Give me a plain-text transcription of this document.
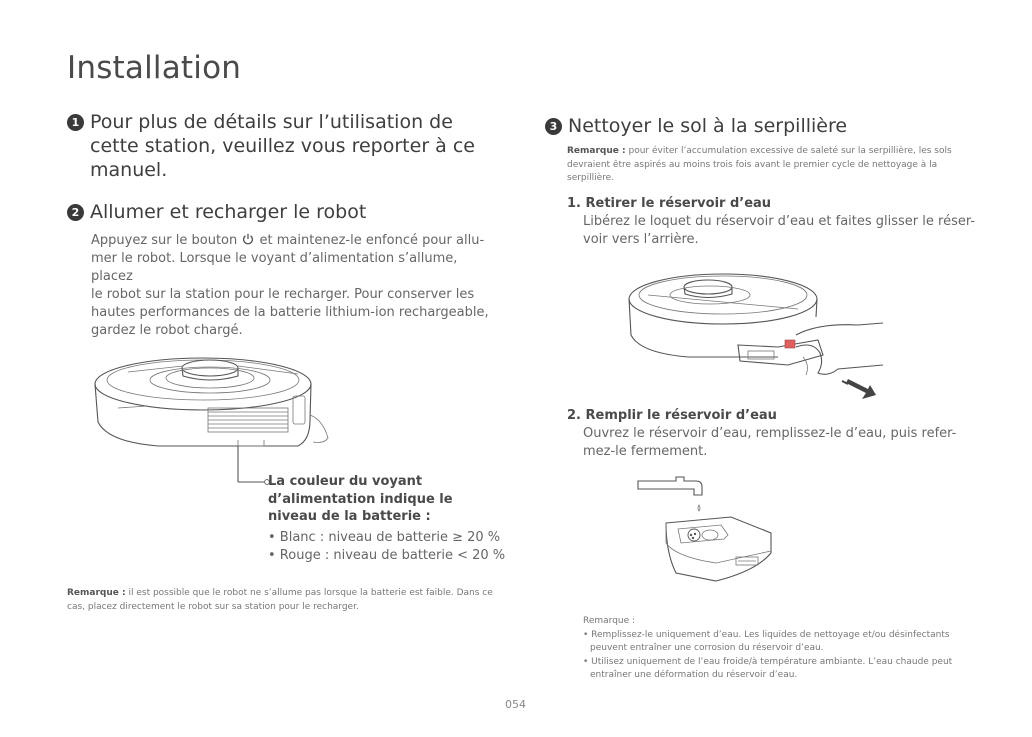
Installation
1 Pour plus de détails sur l’utilisation de
cette station, veuillez vous reporter à ce
manuel.
2 Allumer et recharger le robot
Appuyez sur le bouton  et maintenez-le enfoncé pour allu-
mer le robot. Lorsque le voyant d’alimentation s’allume, placez
le robot sur la station pour le recharger. Pour conserver les
hautes performances de la batterie lithium-ion rechargeable,
gardez le robot chargé.
La couleur du voyant
d’alimentation indique le
niveau de la batterie :
• Blanc : niveau de batterie ≥ 20 %
• Rouge : niveau de batterie < 20 %
Remarque : il est possible que le robot ne s’allume pas lorsque la batterie est faible. Dans ce
cas, placez directement le robot sur sa station pour le recharger.
3 Nettoyer le sol à la serpillière
Remarque : pour éviter l’accumulation excessive de saleté sur la serpillière, les sols
devraient être aspirés au moins trois fois avant le premier cycle de nettoyage à la
serpillière.
1. Retirer le réservoir d’eau
Libérez le loquet du réservoir d’eau et faites glisser le réser-
voir vers l’arrière.
2. Remplir le réservoir d’eau
Ouvrez le réservoir d’eau, remplissez-le d’eau, puis refer-
mez-le fermement.
Remarque :
• Remplissez-le uniquement d’eau. Les liquides de nettoyage et/ou désinfectants
peuvent entraîner une corrosion du réservoir d’eau.
• Utilisez uniquement de l’eau froide/à température ambiante. L’eau chaude peut
entraîner une déformation du réservoir d’eau.
054
